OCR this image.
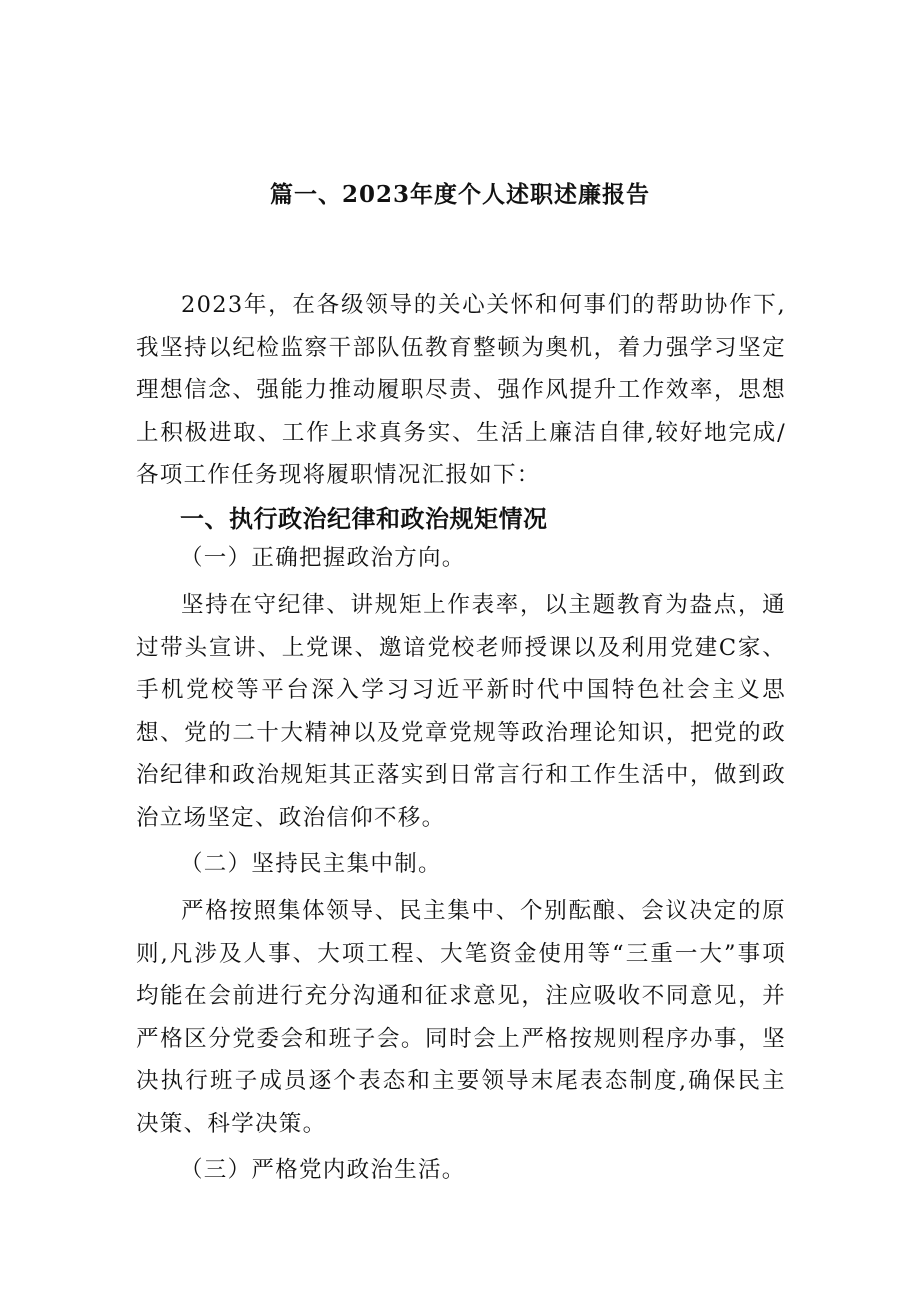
篇一、2023年度个人述职述廉报告

2023年，在各级领导的关心关怀和何事们的帮助协作下,我坚持以纪检监察干部队伍教育整顿为奥机，着力强学习坚定理想信念、强能力推动履职尽责、强作风提升工作效率，思想上积极进取、工作上求真务实、生活上廉洁自律,较好地完成/各项工作任务现将履职情况汇报如下：

一、执行政治纪律和政治规矩情况
（一）正确把握政治方向。

坚持在守纪律、讲规矩上作表率，以主题教育为盎点，通过带头宣讲、上党课、邀谙党校老师授课以及利用党建C家、手机党校等平台深入学习习近平新时代中国特色社会主义思想、党的二十大精神以及党章党规等政治理论知识，把党的政治纪律和政治规矩其正落实到日常言行和工作生活中，做到政治立场坚定、政治信仰不移。

（二）坚持民主集中制。

严格按照集体领导、民主集中、个别酝酿、会议决定的原则,凡涉及人事、大项工程、大笔资金使用等“三重一大”事项均能在会前进行充分沟通和征求意见，注应吸收不同意见，并严格区分党委会和班子会。同时会上严格按规则程序办事，坚决执行班子成员逐个表态和主要领导末尾表态制度,确保民主决策、科学决策。

（三）严格党内政治生活。
